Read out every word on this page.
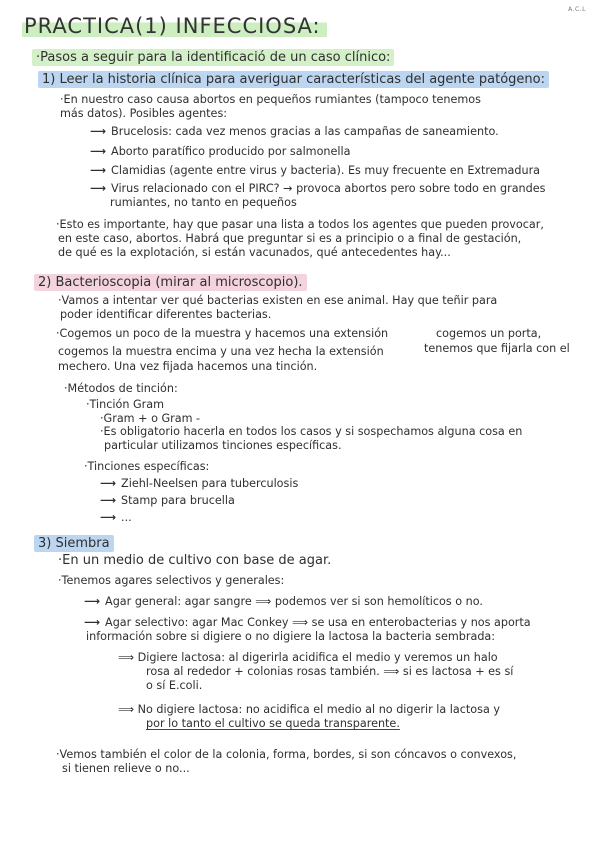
A.C.L
PRACTICA(1) INFECCIOSA:
·Pasos a seguir para la identificació de un caso clínico:
1) Leer la historia clínica para averiguar características del agente patógeno:
·En nuestro caso causa abortos en pequeños rumiantes (tampoco tenemos
más datos). Posibles agentes:
⟶ Brucelosis: cada vez menos gracias a las campañas de saneamiento.
⟶ Aborto paratífico producido por salmonella
⟶ Clamidias (agente entre virus y bacteria). Es muy frecuente en Extremadura
⟶ Virus relacionado con el PIRC? → provoca abortos pero sobre todo en grandes
rumiantes, no tanto en pequeños
·Esto es importante, hay que pasar una lista a todos los agentes que pueden provocar,
en este caso, abortos. Habrá que preguntar si es a principio o a final de gestación,
de qué es la explotación, si están vacunados, qué antecedentes hay...
2) Bacterioscopia (mirar al microscopio).
·Vamos a intentar ver qué bacterias existen en ese animal. Hay que teñir para
poder identificar diferentes bacterias.
·Cogemos un poco de la muestra y hacemos una extensión	cogemos un porta,
cogemos la muestra encima y una vez hecha la extensión	tenemos que fijarla con el
mechero. Una vez fijada hacemos una tinción.
·Métodos de tinción:
·Tinción Gram
·Gram + o Gram -
·Es obligatorio hacerla en todos los casos y si sospechamos alguna cosa en
particular utilizamos tinciones específicas.
·Tinciones específicas:
⟶ Ziehl-Neelsen para tuberculosis
⟶ Stamp para brucella
⟶ ...
3) Siembra
·En un medio de cultivo con base de agar.
·Tenemos agares selectivos y generales:
⟶ Agar general: agar sangre ⟹ podemos ver si son hemolíticos o no.
⟶ Agar selectivo: agar Mac Conkey ⟹ se usa en enterobacterias y nos aporta
información sobre si digiere o no digiere la lactosa la bacteria sembrada:
⟹ Digiere lactosa: al digerirla acidifica el medio y veremos un halo
rosa al rededor + colonias rosas también. ⟹ si es lactosa + es sí
o sí E.coli.
⟹ No digiere lactosa: no acidifica el medio al no digerir la lactosa y
por lo tanto el cultivo se queda transparente.
·Vemos también el color de la colonia, forma, bordes, si son cóncavos o convexos,
si tienen relieve o no...
